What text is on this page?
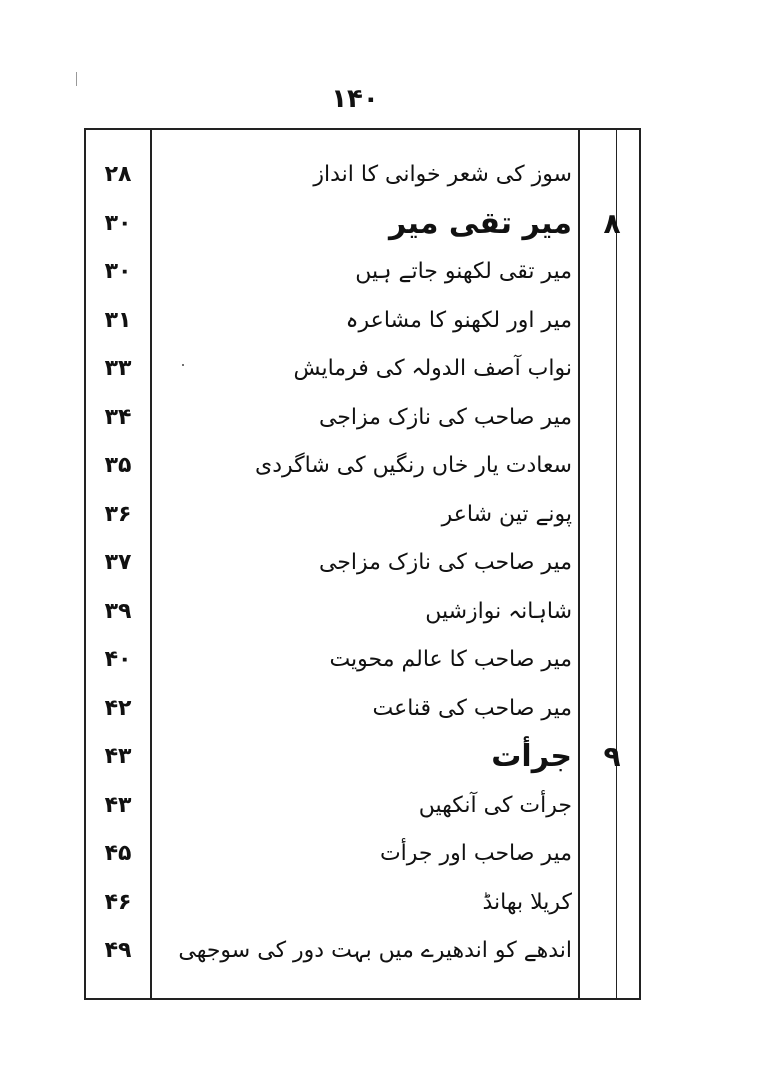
۱۴۰
۲۸	سوز کی شعر خوانی کا انداز
۳۰	میر تقی میر	۸
۳۰	میر تقی لکھنو جاتے ہیں
۳۱	میر اور لکھنو کا مشاعرہ
۳۳	نواب آصف الدولہ کی فرمایش
۳۴	میر صاحب کی نازک مزاجی
۳۵	سعادت یار خاں رنگیں کی شاگردی
۳۶	پونے تین شاعر
۳۷	میر صاحب کی نازک مزاجی
۳۹	شاہانہ نوازشیں
۴۰	میر صاحب کا عالم محویت
۴۲	میر صاحب کی قناعت
۴۳	جرأت	۹
۴۳	جرأت کی آنکھیں
۴۵	میر صاحب اور جرأت
۴۶	کریلا بھانڈ
۴۹	اندھے کو اندھیرے میں بہت دور کی سوجھی
